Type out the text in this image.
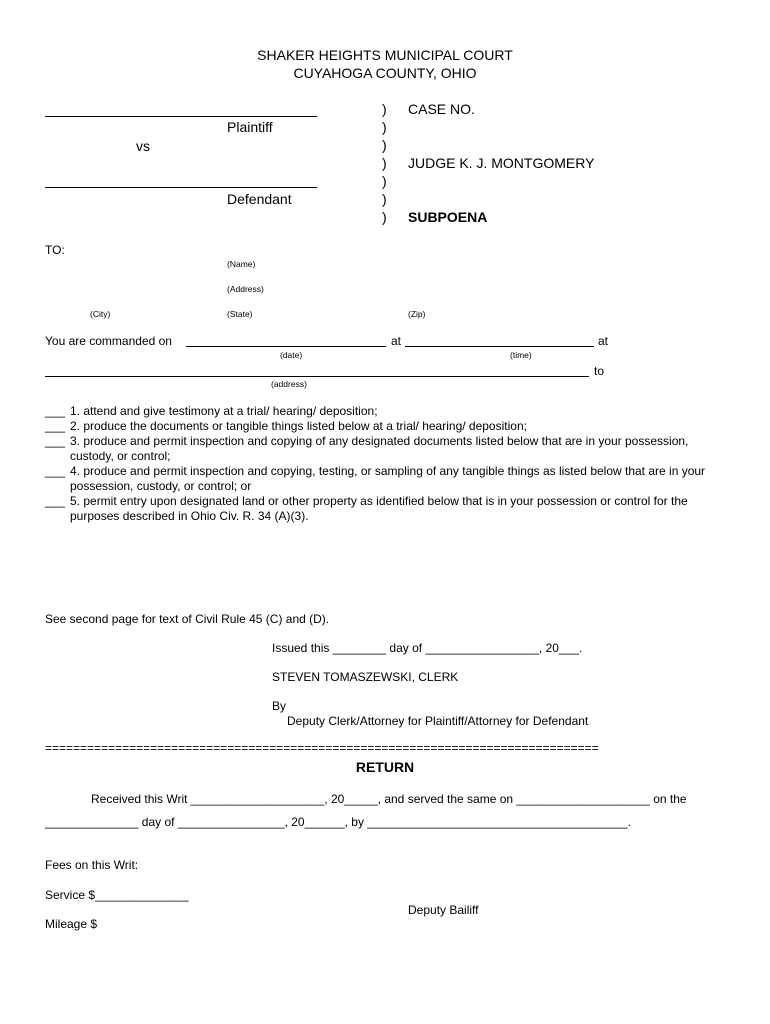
SHAKER HEIGHTS MUNICIPAL COURT
CUYAHOGA COUNTY, OHIO
Plaintiff
vs
Defendant
)
)
)
)
)
)
)
CASE NO.
JUDGE K. J. MONTGOMERY
SUBPOENA
TO:
(Name)
(Address)
(City)	(State)	(Zip)
You are commanded on	at	at
(date)	(time)
to
(address)
___ 1. attend and give testimony at a trial/ hearing/ deposition;
___ 2. produce the documents or tangible things listed below at a trial/ hearing/ deposition;
___ 3. produce and permit inspection and copying of any designated documents listed below that are in your possession, custody, or control;
___ 4. produce and permit inspection and copying, testing, or sampling of any tangible things as listed below that are in your possession, custody, or control; or
___ 5. permit entry upon designated land or other property as identified below that is in your possession or control for the purposes described in Ohio Civ. R. 34 (A)(3).
See second page for text of Civil Rule 45 (C) and (D).
Issued this ________ day of _________________, 20___.
STEVEN TOMASZEWSKI, CLERK
By
Deputy Clerk/Attorney for Plaintiff/Attorney for Defendant
===============================================================================
RETURN
Received this Writ ____________________, 20_____, and served the same on ____________________ on the
______________ day of ________________, 20______, by _______________________________________.
Fees on this Writ:
Service $______________
Deputy Bailiff
Mileage $
